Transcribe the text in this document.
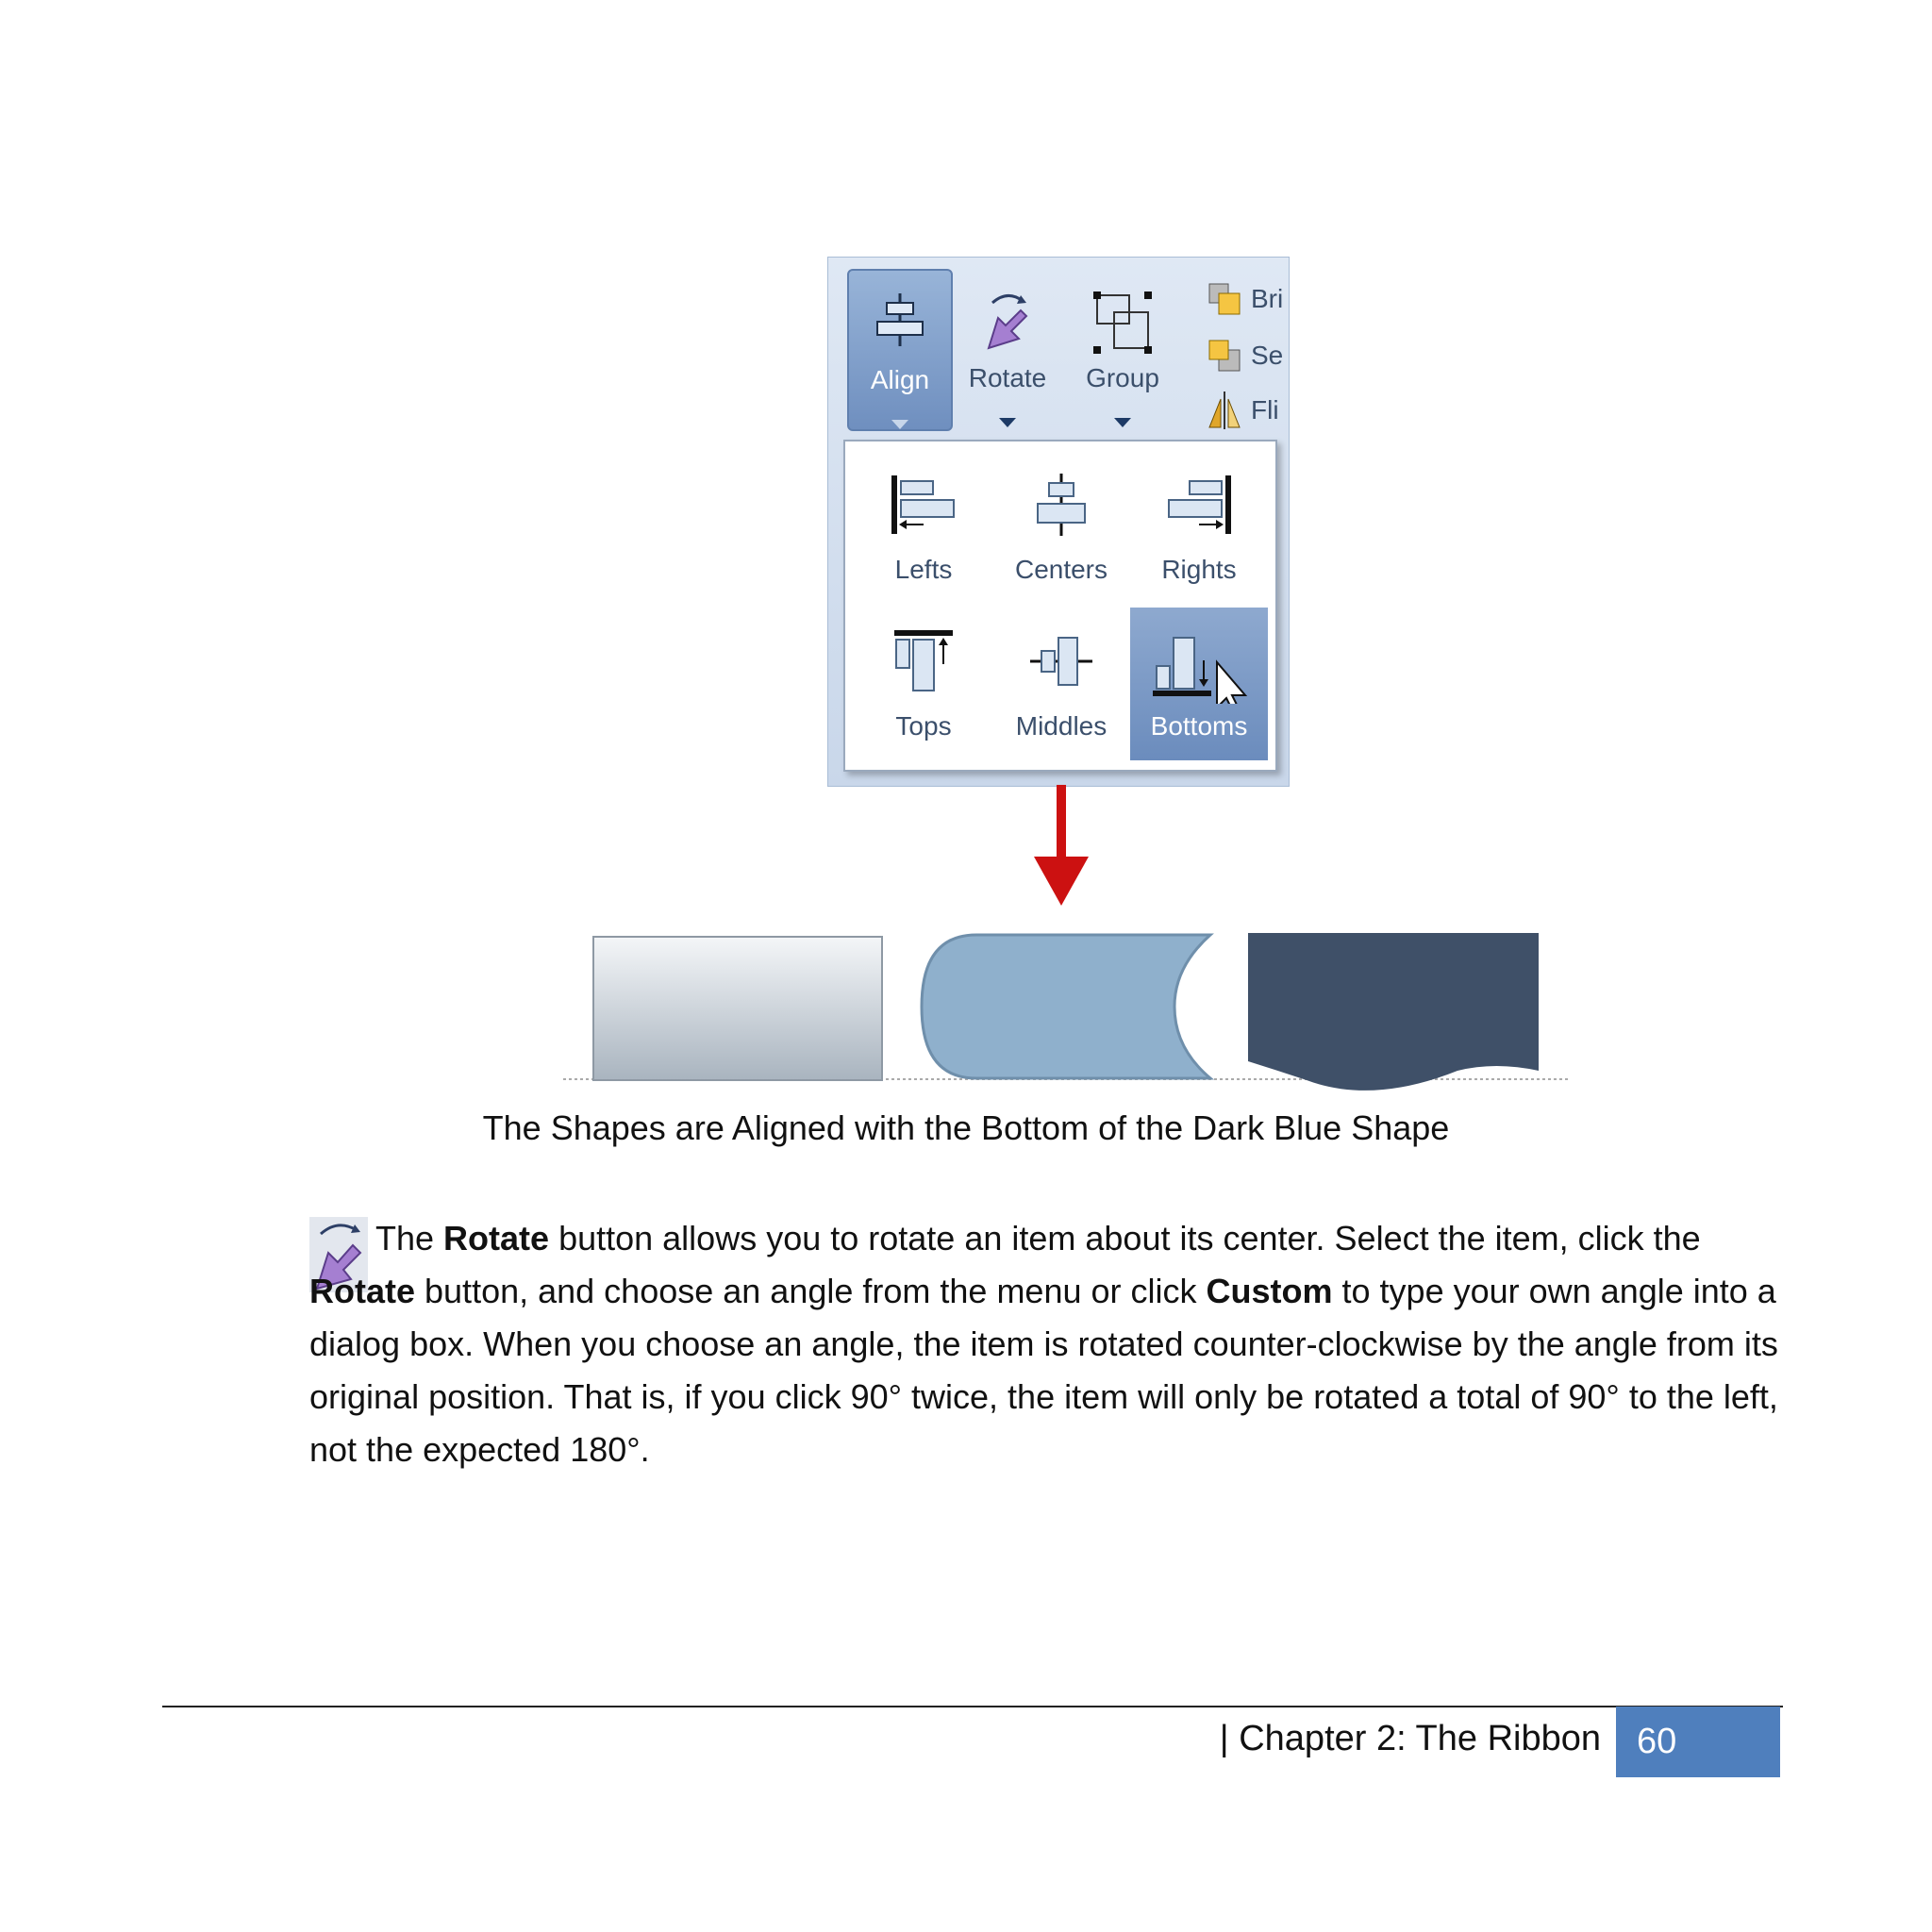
Align	Rotate	Group
Bri
Se
Fli
Lefts	Centers	Rights
Tops	Middles	Bottoms
The Shapes are Aligned with the Bottom of the Dark Blue Shape
The Rotate button allows you to rotate an item about its center. Select the item, click the Rotate button, and choose an angle from the menu or click Custom to type your own angle into a dialog box. When you choose an angle, the item is rotated counter-clockwise by the angle from its original position. That is, if you click 90° twice, the item will only be rotated a total of 90° to the left, not the expected 180°.
| Chapter 2: The Ribbon	60
